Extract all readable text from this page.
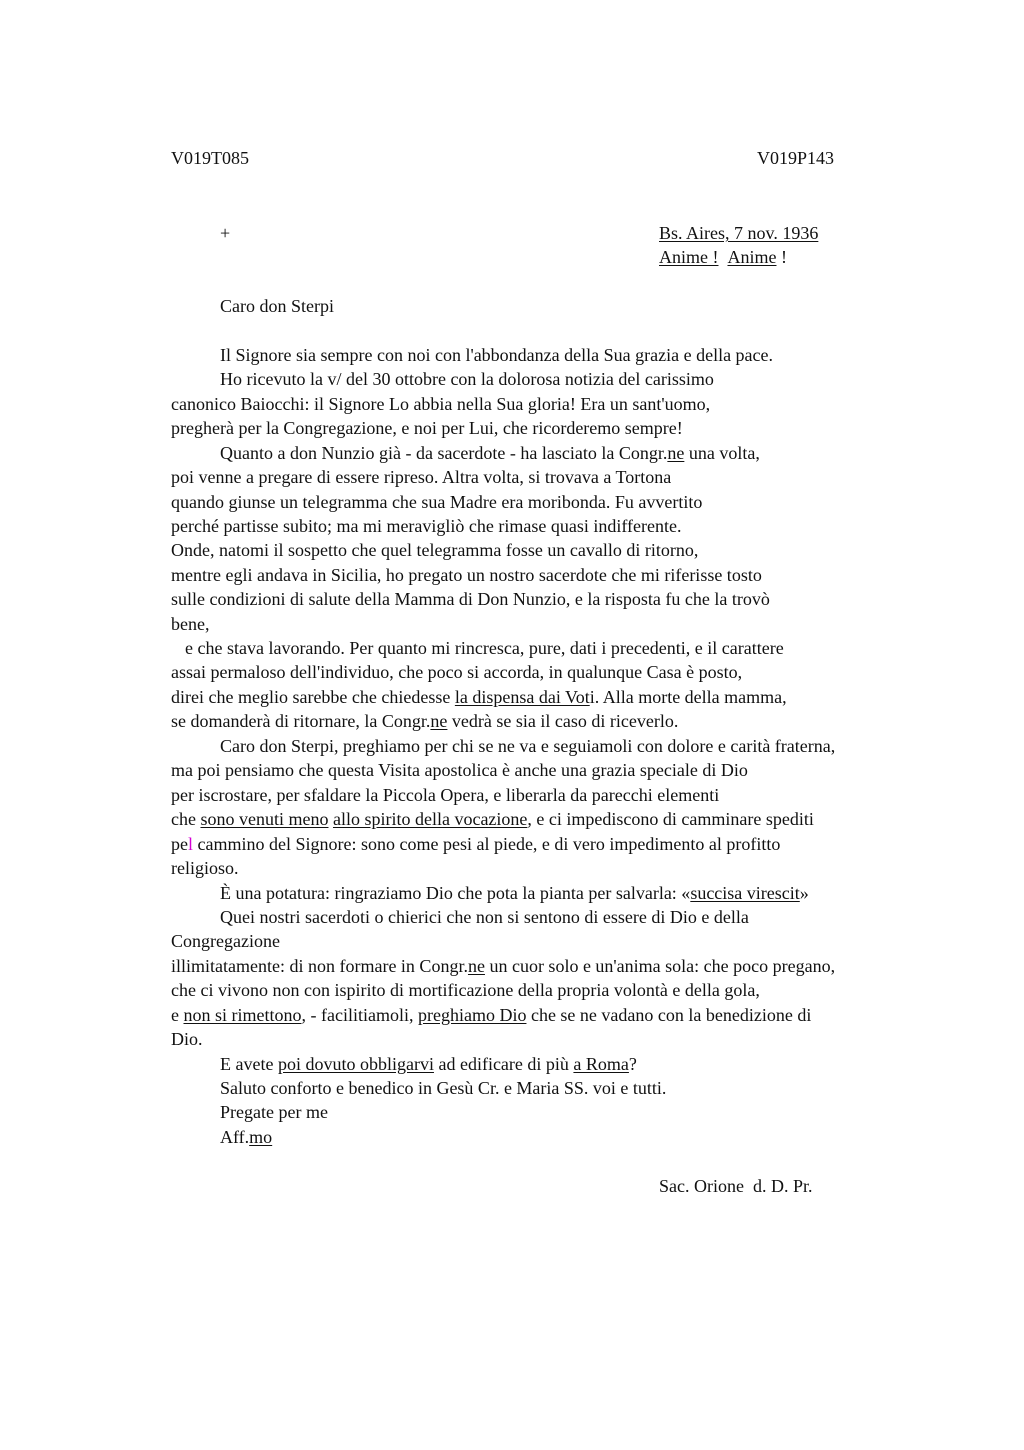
V019T085	V019P143
+	Bs. Aires, 7 nov. 1936
Anime ! Anime !
Caro don Sterpi
Il Signore sia sempre con noi con l'abbondanza della Sua grazia e della pace.
Ho ricevuto la v/ del 30 ottobre con la dolorosa notizia del carissimo
canonico Baiocchi: il Signore Lo abbia nella Sua gloria! Era un sant'uomo,
pregherà per la Congregazione, e noi per Lui, che ricorderemo sempre!
Quanto a don Nunzio già - da sacerdote - ha lasciato la Congr.ne una volta,
poi venne a pregare di essere ripreso. Altra volta, si trovava a Tortona
quando giunse un telegramma che sua Madre era moribonda. Fu avvertito
perché partisse subito; ma mi meravigliò che rimase quasi indifferente.
Onde, natomi il sospetto che quel telegramma fosse un cavallo di ritorno,
mentre egli andava in Sicilia, ho pregato un nostro sacerdote che mi riferisse tosto
sulle condizioni di salute della Mamma di Don Nunzio, e la risposta fu che la trovò
bene,
e che stava lavorando. Per quanto mi rincresca, pure, dati i precedenti, e il carattere
assai permaloso dell'individuo, che poco si accorda, in qualunque Casa è posto,
direi che meglio sarebbe che chiedesse la dispensa dai Voti. Alla morte della mamma,
se domanderà di ritornare, la Congr.ne vedrà se sia il caso di riceverlo.
Caro don Sterpi, preghiamo per chi se ne va e seguiamoli con dolore e carità fraterna,
ma poi pensiamo che questa Visita apostolica è anche una grazia speciale di Dio
per iscrostare, per sfaldare la Piccola Opera, e liberarla da parecchi elementi
che sono venuti meno allo spirito della vocazione, e ci impediscono di camminare spediti
pel cammino del Signore: sono come pesi al piede, e di vero impedimento al profitto
religioso.
È una potatura: ringraziamo Dio che pota la pianta per salvarla: «succisa virescit»
Quei nostri sacerdoti o chierici che non si sentono di essere di Dio e della
Congregazione
illimitatamente: di non formare in Congr.ne un cuor solo e un'anima sola: che poco pregano,
che ci vivono non con ispirito di mortificazione della propria volontà e della gola,
e non si rimettono, - facilitiamoli, preghiamo Dio che se ne vadano con la benedizione di
Dio.
E avete poi dovuto obbligarvi ad edificare di più a Roma?
Saluto conforto e benedico in Gesù Cr. e Maria SS. voi e tutti.
Pregate per me
Aff.mo
Sac. Orione  d. D. Pr.
